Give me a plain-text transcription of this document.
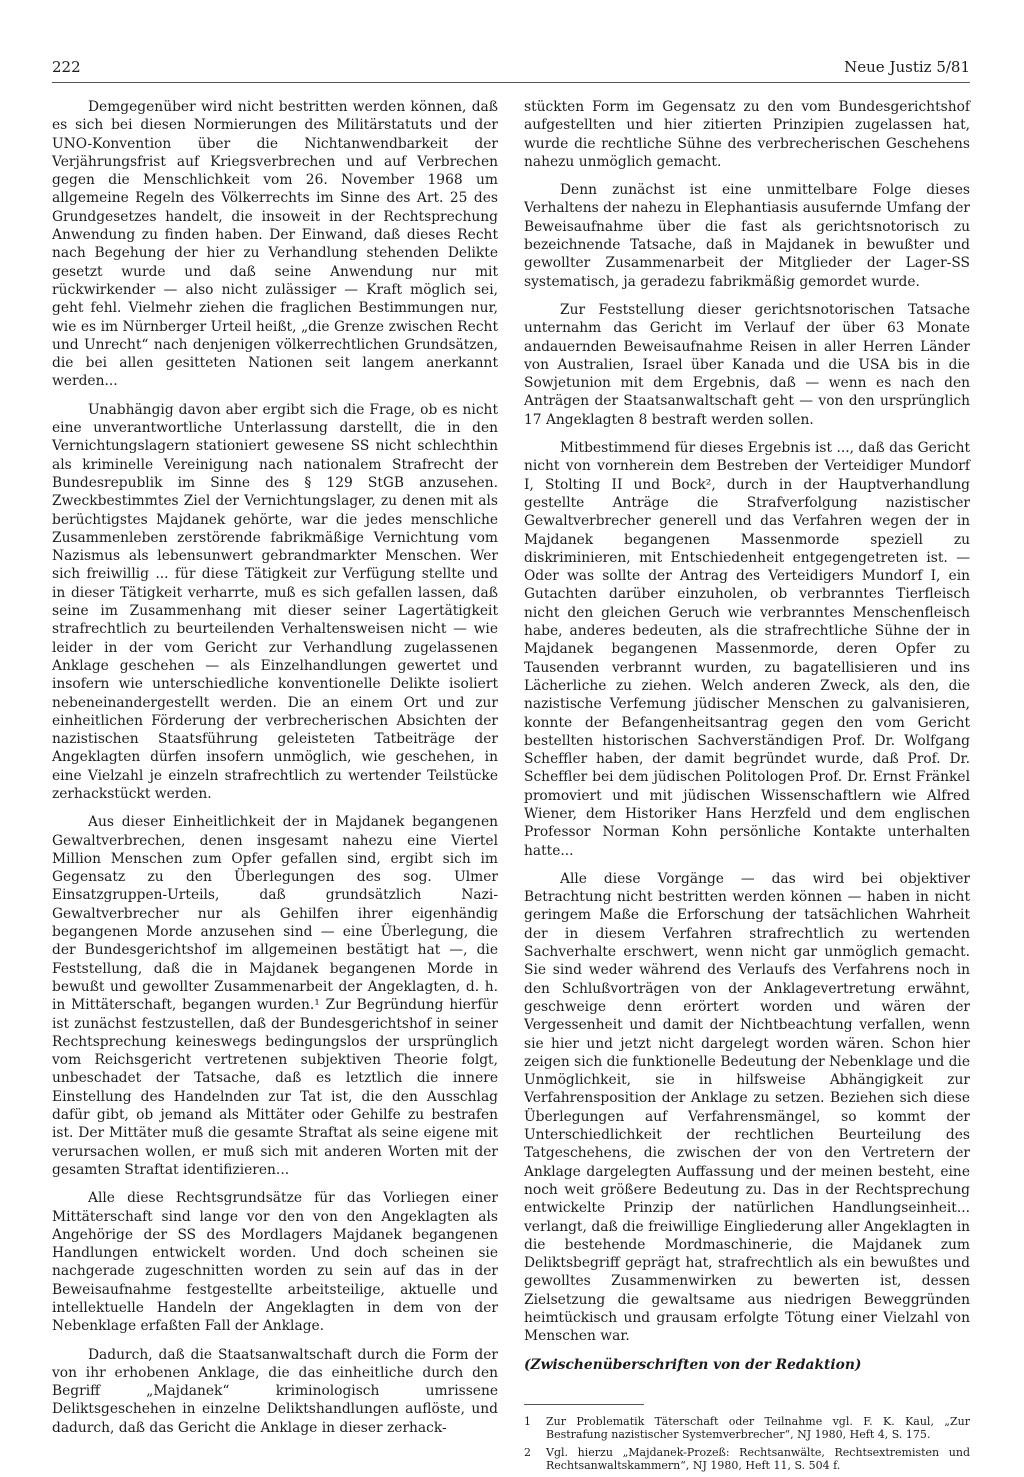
222	Neue Justiz 5/81

Demgegenüber wird nicht bestritten werden können, daß es sich bei diesen Normierungen des Militärstatuts und der UNO-Konvention über die Nichtanwendbarkeit der Verjährungsfrist auf Kriegsverbrechen und auf Verbrechen gegen die Menschlichkeit vom 26. November 1968 um allgemeine Regeln des Völkerrechts im Sinne des Art. 25 des Grundgesetzes handelt, die insoweit in der Rechtsprechung Anwendung zu finden haben. Der Einwand, daß dieses Recht nach Begehung der hier zu Verhandlung stehenden Delikte gesetzt wurde und daß seine Anwendung nur mit rückwirkender — also nicht zulässiger — Kraft möglich sei, geht fehl. Vielmehr ziehen die fraglichen Bestimmungen nur, wie es im Nürnberger Urteil heißt, „die Grenze zwischen Recht und Unrecht“ nach denjenigen völkerrechtlichen Grundsätzen, die bei allen gesitteten Nationen seit langem anerkannt werden...

Unabhängig davon aber ergibt sich die Frage, ob es nicht eine unverantwortliche Unterlassung darstellt, die in den Vernichtungslagern stationiert gewesene SS nicht schlechthin als kriminelle Vereinigung nach nationalem Strafrecht der Bundesrepublik im Sinne des § 129 StGB anzusehen. Zweckbestimmtes Ziel der Vernichtungslager, zu denen mit als berüchtigstes Majdanek gehörte, war die jedes menschliche Zusammenleben zerstörende fabrikmäßige Vernichtung vom Nazismus als lebensunwert gebrandmarkter Menschen. Wer sich freiwillig ... für diese Tätigkeit zur Verfügung stellte und in dieser Tätigkeit verharrte, muß es sich gefallen lassen, daß seine im Zusammenhang mit dieser seiner Lagertätigkeit strafrechtlich zu beurteilenden Verhaltensweisen nicht — wie leider in der vom Gericht zur Verhandlung zugelassenen Anklage geschehen — als Einzelhandlungen gewertet und insofern wie unterschiedliche konventionelle Delikte isoliert nebeneinandergestellt werden. Die an einem Ort und zur einheitlichen Förderung der verbrecherischen Absichten der nazistischen Staatsführung geleisteten Tatbeiträge der Angeklagten dürfen insofern unmöglich, wie geschehen, in eine Vielzahl je einzeln strafrechtlich zu wertender Teilstücke zerhackstückt werden.

Aus dieser Einheitlichkeit der in Majdanek begangenen Gewaltverbrechen, denen insgesamt nahezu eine Viertel Million Menschen zum Opfer gefallen sind, ergibt sich im Gegensatz zu den Überlegungen des sog. Ulmer Einsatzgruppen-Urteils, daß grundsätzlich Nazi-Gewaltverbrecher nur als Gehilfen ihrer eigenhändig begangenen Morde anzusehen sind — eine Überlegung, die der Bundesgerichtshof im allgemeinen bestätigt hat —, die Feststellung, daß die in Majdanek begangenen Morde in bewußt und gewollter Zusammenarbeit der Angeklagten, d. h. in Mittäterschaft, begangen wurden.¹ Zur Begründung hierfür ist zunächst festzustellen, daß der Bundesgerichtshof in seiner Rechtsprechung keineswegs bedingungslos der ursprünglich vom Reichsgericht vertretenen subjektiven Theorie folgt, unbeschadet der Tatsache, daß es letztlich die innere Einstellung des Handelnden zur Tat ist, die den Ausschlag dafür gibt, ob jemand als Mittäter oder Gehilfe zu bestrafen ist. Der Mittäter muß die gesamte Straftat als seine eigene mit verursachen wollen, er muß sich mit anderen Worten mit der gesamten Straftat identifizieren...

Alle diese Rechtsgrundsätze für das Vorliegen einer Mittäterschaft sind lange vor den von den Angeklagten als Angehörige der SS des Mordlagers Majdanek begangenen Handlungen entwickelt worden. Und doch scheinen sie nachgerade zugeschnitten worden zu sein auf das in der Beweisaufnahme festgestellte arbeitsteilige, aktuelle und intellektuelle Handeln der Angeklagten in dem von der Nebenklage erfaßten Fall der Anklage.

Dadurch, daß die Staatsanwaltschaft durch die Form der von ihr erhobenen Anklage, die das einheitliche durch den Begriff „Majdanek“ kriminologisch umrissene Deliktsgeschehen in einzelne Deliktshandlungen auflöste, und dadurch, daß das Gericht die Anklage in dieser zerhack-

stückten Form im Gegensatz zu den vom Bundesgerichtshof aufgestellten und hier zitierten Prinzipien zugelassen hat, wurde die rechtliche Sühne des verbrecherischen Geschehens nahezu unmöglich gemacht.

Denn zunächst ist eine unmittelbare Folge dieses Verhaltens der nahezu in Elephantiasis ausufernde Umfang der Beweisaufnahme über die fast als gerichtsnotorisch zu bezeichnende Tatsache, daß in Majdanek in bewußter und gewollter Zusammenarbeit der Mitglieder der Lager-SS systematisch, ja geradezu fabrikmäßig gemordet wurde.

Zur Feststellung dieser gerichtsnotorischen Tatsache unternahm das Gericht im Verlauf der über 63 Monate andauernden Beweisaufnahme Reisen in aller Herren Länder von Australien, Israel über Kanada und die USA bis in die Sowjetunion mit dem Ergebnis, daß — wenn es nach den Anträgen der Staatsanwaltschaft geht — von den ursprünglich 17 Angeklagten 8 bestraft werden sollen.

Mitbestimmend für dieses Ergebnis ist ..., daß das Gericht nicht von vornherein dem Bestreben der Verteidiger Mundorf I, Stolting II und Bock², durch in der Hauptverhandlung gestellte Anträge die Strafverfolgung nazistischer Gewaltverbrecher generell und das Verfahren wegen der in Majdanek begangenen Massenmorde speziell zu diskriminieren, mit Entschiedenheit entgegengetreten ist. — Oder was sollte der Antrag des Verteidigers Mundorf I, ein Gutachten darüber einzuholen, ob verbranntes Tierfleisch nicht den gleichen Geruch wie verbranntes Menschenfleisch habe, anderes bedeuten, als die strafrechtliche Sühne der in Majdanek begangenen Massenmorde, deren Opfer zu Tausenden verbrannt wurden, zu bagatellisieren und ins Lächerliche zu ziehen. Welch anderen Zweck, als den, die nazistische Verfemung jüdischer Menschen zu galvanisieren, konnte der Befangenheitsantrag gegen den vom Gericht bestellten historischen Sachverständigen Prof. Dr. Wolfgang Scheffler haben, der damit begründet wurde, daß Prof. Dr. Scheffler bei dem jüdischen Politologen Prof. Dr. Ernst Fränkel promoviert und mit jüdischen Wissenschaftlern wie Alfred Wiener, dem Historiker Hans Herzfeld und dem englischen Professor Norman Kohn persönliche Kontakte unterhalten hatte...

Alle diese Vorgänge — das wird bei objektiver Betrachtung nicht bestritten werden können — haben in nicht geringem Maße die Erforschung der tatsächlichen Wahrheit der in diesem Verfahren strafrechtlich zu wertenden Sachverhalte erschwert, wenn nicht gar unmöglich gemacht. Sie sind weder während des Verlaufs des Verfahrens noch in den Schlußvorträgen von der Anklagevertretung erwähnt, geschweige denn erörtert worden und wären der Vergessenheit und damit der Nichtbeachtung verfallen, wenn sie hier und jetzt nicht dargelegt worden wären. Schon hier zeigen sich die funktionelle Bedeutung der Nebenklage und die Unmöglichkeit, sie in hilfsweise Abhängigkeit zur Verfahrensposition der Anklage zu setzen. Beziehen sich diese Überlegungen auf Verfahrensmängel, so kommt der Unterschiedlichkeit der rechtlichen Beurteilung des Tatgeschehens, die zwischen der von den Vertretern der Anklage dargelegten Auffassung und der meinen besteht, eine noch weit größere Bedeutung zu. Das in der Rechtsprechung entwickelte Prinzip der natürlichen Handlungseinheit... verlangt, daß die freiwillige Eingliederung aller Angeklagten in die bestehende Mordmaschinerie, die Majdanek zum Deliktsbegriff geprägt hat, strafrechtlich als ein bewußtes und gewolltes Zusammenwirken zu bewerten ist, dessen Zielsetzung die gewaltsame aus niedrigen Beweggründen heimtückisch und grausam erfolgte Tötung einer Vielzahl von Menschen war.

(Zwischenüberschriften von der Redaktion)

1	Zur Problematik Täterschaft oder Teilnahme vgl. F. K. Kaul, „Zur Bestrafung nazistischer Systemverbrecher“, NJ 1980, Heft 4, S. 175.

2	Vgl. hierzu „Majdanek-Prozeß: Rechtsanwälte, Rechtsextremisten und Rechtsanwaltskammern“, NJ 1980, Heft 11, S. 504 f.
